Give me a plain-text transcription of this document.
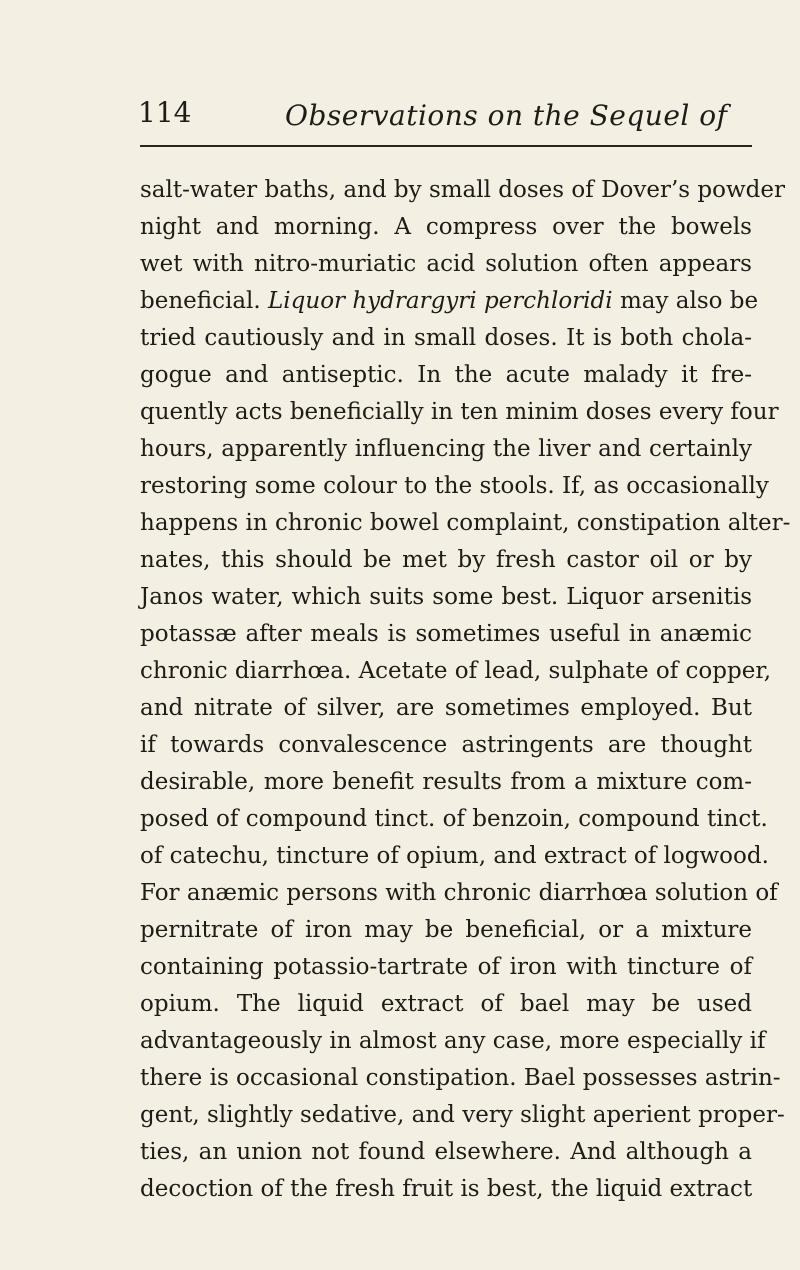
114	Observations on the Sequel of
salt-water baths, and by small doses of Dover’s powder
night and morning. A compress over the bowels
wet with nitro-muriatic acid solution often appears
beneficial. Liquor hydrargyri perchloridi may also be
tried cautiously and in small doses. It is both chola-
gogue and antiseptic. In the acute malady it fre-
quently acts beneficially in ten minim doses every four
hours, apparently influencing the liver and certainly
restoring some colour to the stools. If, as occasionally
happens in chronic bowel complaint, constipation alter-
nates, this should be met by fresh castor oil or by
Janos water, which suits some best. Liquor arsenitis
potassæ after meals is sometimes useful in anæmic
chronic diarrhœa. Acetate of lead, sulphate of copper,
and nitrate of silver, are sometimes employed. But
if towards convalescence astringents are thought
desirable, more benefit results from a mixture com-
posed of compound tinct. of benzoin, compound tinct.
of catechu, tincture of opium, and extract of logwood.
For anæmic persons with chronic diarrhœa solution of
pernitrate of iron may be beneficial, or a mixture
containing potassio-tartrate of iron with tincture of
opium. The liquid extract of bael may be used
advantageously in almost any case, more especially if
there is occasional constipation. Bael possesses astrin-
gent, slightly sedative, and very slight aperient proper-
ties, an union not found elsewhere. And although a
decoction of the fresh fruit is best, the liquid extract
